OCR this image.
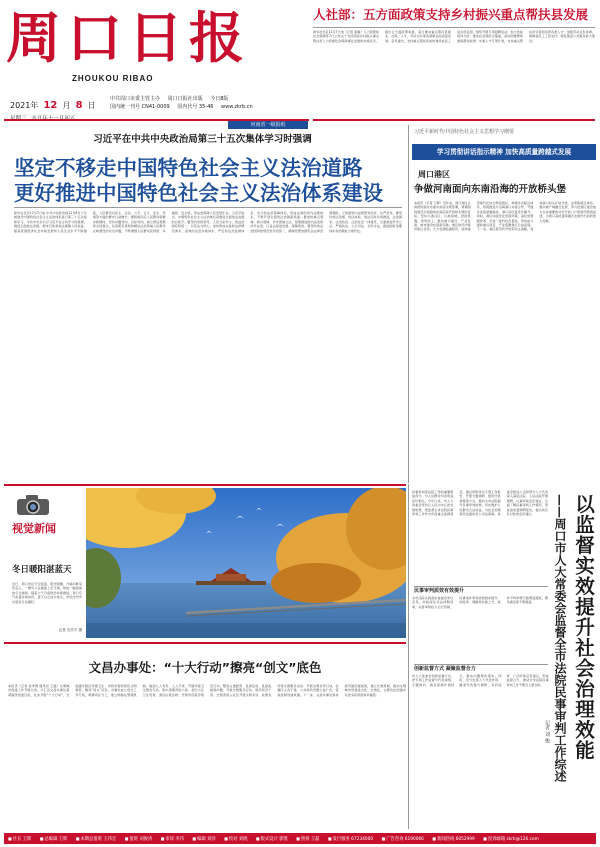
周口日报
ZHOUKOU RIBAO
2021年 12 月 8 日
中共周口市委主管主办 周口日报社出版 今日8版
国内统一刊号 CN41-0009 国内代号 35-46 www.zkrb.cn
河南省一级报纸
人社部：五方面政策支持乡村振兴重点帮扶县发展
新华社北京12月7日电（记者 姜琳）人力资源和社会保障部7日公布关于支持国家乡村振兴重点帮扶县人力资源社会保障事业发展的实施意见，提出五方面政策举措，着力推动重点帮扶县就业、社保、人才、劳动关系等各项事业高质量发展。意见提出，支持重点帮扶县加快建设农民工返乡创业园，组织开展专项招聘活动，加大技能培训力度；推动社会保险全覆盖，落实困难群体参保帮扶政策；实施人才专项计划，支持重点帮扶县引进和培养各类人才；加强劳动关系协调，保障农民工工资支付；强化基层公共服务能力建设。
习近平在中共中央政治局第三十五次集体学习时强调
坚定不移走中国特色社会主义法治道路
更好推进中国特色社会主义法治体系建设
新华社北京12月7日电 中共中央政治局12月6日下午就建设中国特色社会主义法治体系进行第三十五次集体学习。中共中央总书记习近平在主持学习时强调，推进全面依法治国，根本目的是依法保障人民权益。随着我国经济社会持续发展和人民生活水平不断提高，人民群众对民主、法治、公平、正义、安全、环境等方面的要求日益增长，要积极回应人民群众新要求新期待，坚持问题导向、目标导向，树立辩证思维和全局观念，系统研究谋划和解决法治领域人民群众反映强烈的突出问题，不断增强人民群众获得感、幸福感、安全感，用法治保障人民安居乐业。习近平指出，中国特色社会主义法治体系是推进全面依法治国的总抓手。要坚持党的领导、人民当家作主、依法治国有机统一，以宪法为核心，加快形成完备的法律规范体系、高效的法治实施体系、严密的法治监督体系、有力的法治保障体系，形成完善的党内法规体系，不断开创全面依法治国新局面。要加快重点领域、新兴领域、涉外领域立法，统筹推进国内法治和涉外法治，以良法促进发展、保障善治。要坚持依法治国和依规治党有机统一，确保党既依据宪法法律治国理政，又依据党内法规管党治党、从严治党。要坚持依法治国、依法执政、依法行政共同推进，法治国家、法治政府、法治社会一体建设，全面推进科学立法、严格执法、公正司法、全民守法，推进国家治理体系和治理能力现代化。
习近平新时代中国特色社会主义思想学习纲要
学习贯彻讲话指示精神 加快高质量跨越式发展
周口港区
争做河南面向东南沿海的开放桥头堡
本报讯（记者 王辉）近年来，周口港区认真贯彻落实市委市政府决策部署，紧紧围绕建设河南面向东南沿海开放桥头堡的目标，坚持以港兴区、以港促城，抢抓机遇，乘势而上，推动港口建设、产业发展、城市建设实现新突破。港区依托沙颍河航运优势，大力发展临港经济，加快建设现代化综合物流园区，构建多式联运体系，积极推进与沿海港口对接合作，开通多条集装箱航线，港口吞吐量连年攀升。同时，港区持续优化营商环境，深化放管服改革，引进一批科技含量高、带动能力强的重点项目，产业集聚效应日益显现。下一步，港区将坚持开放带动主战略，加快港口码头扩能升级，完善集疏运体系，推动港产城融合发展，努力把港区建设成为全省重要的对外开放门户和现代物流枢纽，为周口高质量跨越式发展作出新的更大贡献。
视觉新闻
冬日暖阳湛蓝天
近日，周口市区天空湛蓝，阳光明媚，沙颍河畔景色宜人，一群鸟儿在湖面上空飞翔，构成一幅美丽的冬日画卷。随着大气污染防治持续推进，周口空气质量持续向好，蓝天白云成为常态，市民纷纷外出感受冬日暖阳。
记者 沈安平 摄
文昌办事处：“十大行动”擦亮“创文”底色
本报讯（记者 孙孝明 通讯员 王磊）文明城市创建工作开展以来，川汇区文昌办事处紧紧围绕创建目标，扎实开展“十大行动”，全面提升辖区环境卫生、市容市貌和居民文明素养，擦亮“创文”底色。办事处成立创文工作专班，明确责任分工，建立网格化管理机制，做到人人有责、人人尽责。开展环境卫生整治行动，集中清理背街小巷、老旧小区卫生死角，清运垃圾杂物；开展市容秩序规范行动，整治占道经营、乱停乱放、乱贴乱画等问题；开展志愿服务行动，组织党员干部、志愿者深入社区开展文明劝导、政策宣传等志愿服务活动；开展文明宣传行动，在辖区主次干道、公共场所设置公益广告，营造浓厚创建氛围。下一步，文昌办事处将持续巩固创建成果，建立长效机制，推动文明城市创建常态化、长效化，让群众在创建中有更多获得感和幸福感。
民事审判是法院工作的重要组成部分，与人民群众切身利益密切相关。今年以来，市人大常委会坚持以人民为中心的发展思想，把监督全市法院民事审判工作作为年度重点监督项目，通过听取审议专项工作报告、开展专题调研、组织代表视察等方式，推动全市法院提升民事审判质效，切实维护人民群众合法权益，为社会治理现代化提供有力司法保障。常委会组成人员和部分人大代表深入基层法院、人民法庭开展调研，认真听取意见建议，全面了解民事审判工作情况，形成高质量调研报告，提出具有针对性的意见建议。	以监督实效提升社会治理效能
——周口市人大常委会监督全市法院民事审判工作综述
记者 刘 俊
民事审判质效有效提升
全市法院认真落实常委会审议意见，持续深化司法体制改革，完善审判权力运行机制，民事案件审判质效稳步提升。结案率、调撤率持续上升，案件平均审理天数明显缩短，群众满意度不断提高。
创新监督方式 凝聚监督合力
市人大常委会创新监督方式，把专项工作监督与代表视察、专题询问、满意度测评相结合，推动问题整改落实。同时，充分发挥人大代表作用，邀请代表参与调研、旁听庭审，广泛听取意见建议，形成监督合力，推动全市法院民事审判工作不断迈上新台阶。
■ 社长 王辉	■ 总编辑 王辉	■ 本期总值班 王伟宏	■ 值班 刘俊涛	■ 审读 李伟	■ 编辑 刘洋	■ 校对 刘晓	■ 版式设计 郭凯	■ 照排 王磊	■ 发行服务 67234000	■ 广告咨询 6190066	■ 新闻热线 6052999	■ 投诉邮箱 zkrb@126.com
